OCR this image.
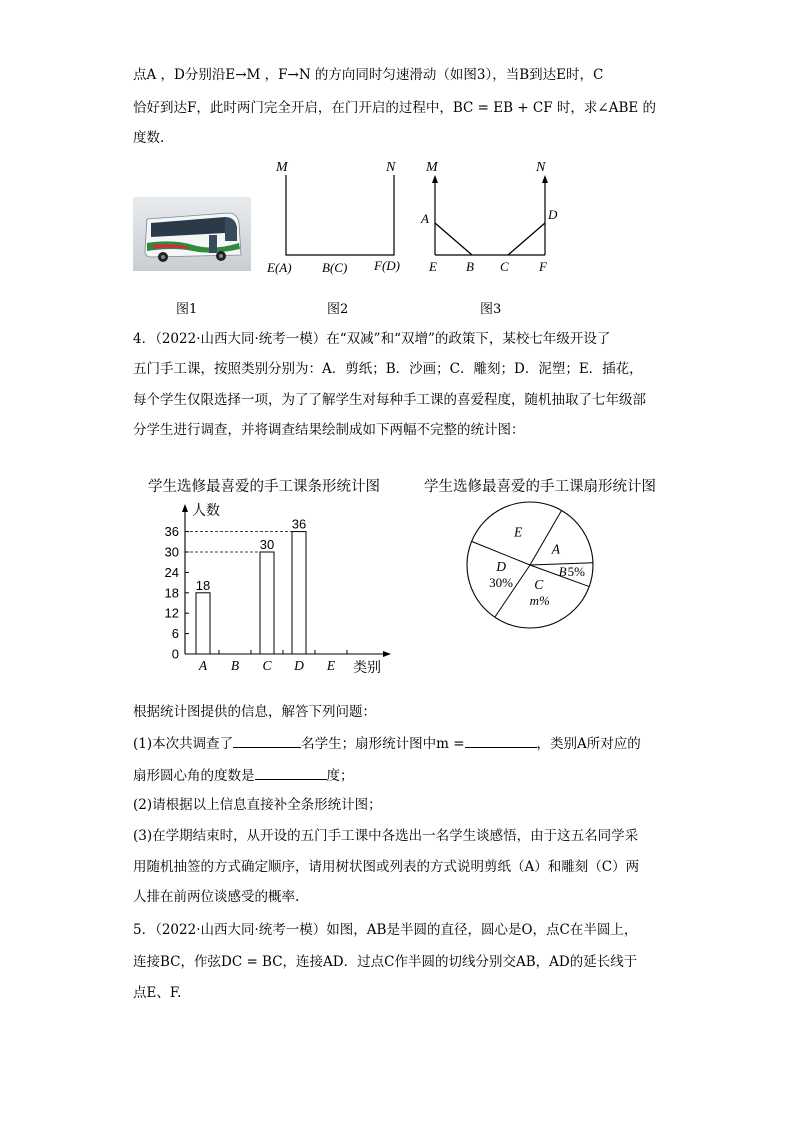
点A ，D分别沿E→M ，F→N 的方向同时匀速滑动（如图3），当B到达E时，C
恰好到达F，此时两门完全开启，在门开启的过程中，BC = EB + CF 时，求∠ABE 的
度数.
M	N
E(A) B(C) F(D)
M	N
A	D
E B C F
图1	图2	图3
4．（2022·山西大同·统考一模）在“双减”和“双增”的政策下，某校七年级开设了
五门手工课，按照类别分别为：A．剪纸；B．沙画；C．雕刻；D．泥塑；E．插花，
每个学生仅限选择一项，为了了解学生对每种手工课的喜爱程度，随机抽取了七年级部
分学生进行调查，并将调查结果绘制成如下两幅不完整的统计图：
学生选修最喜爱的手工课条形统计图
人数
类别
0
6
12
18
24
30
36
A B C D E
18
30
36
学生选修最喜爱的手工课扇形统计图
A
B 5%
C
m%
D
30%
E
根据统计图提供的信息，解答下列问题：
(1)本次共调查了	名学生；扇形统计图中m =	，类别A所对应的
扇形圆心角的度数是	度；
(2)请根据以上信息直接补全条形统计图；
(3)在学期结束时，从开设的五门手工课中各选出一名学生谈感悟，由于这五名同学采
用随机抽签的方式确定顺序，请用树状图或列表的方式说明剪纸（A）和雕刻（C）两
人排在前两位谈感受的概率.
5．（2022·山西大同·统考一模）如图，AB是半圆的直径，圆心是O，点C在半圆上，
连接BC，作弦DC = BC，连接AD．过点C作半圆的切线分别交AB，AD的延长线于
点E、F.
